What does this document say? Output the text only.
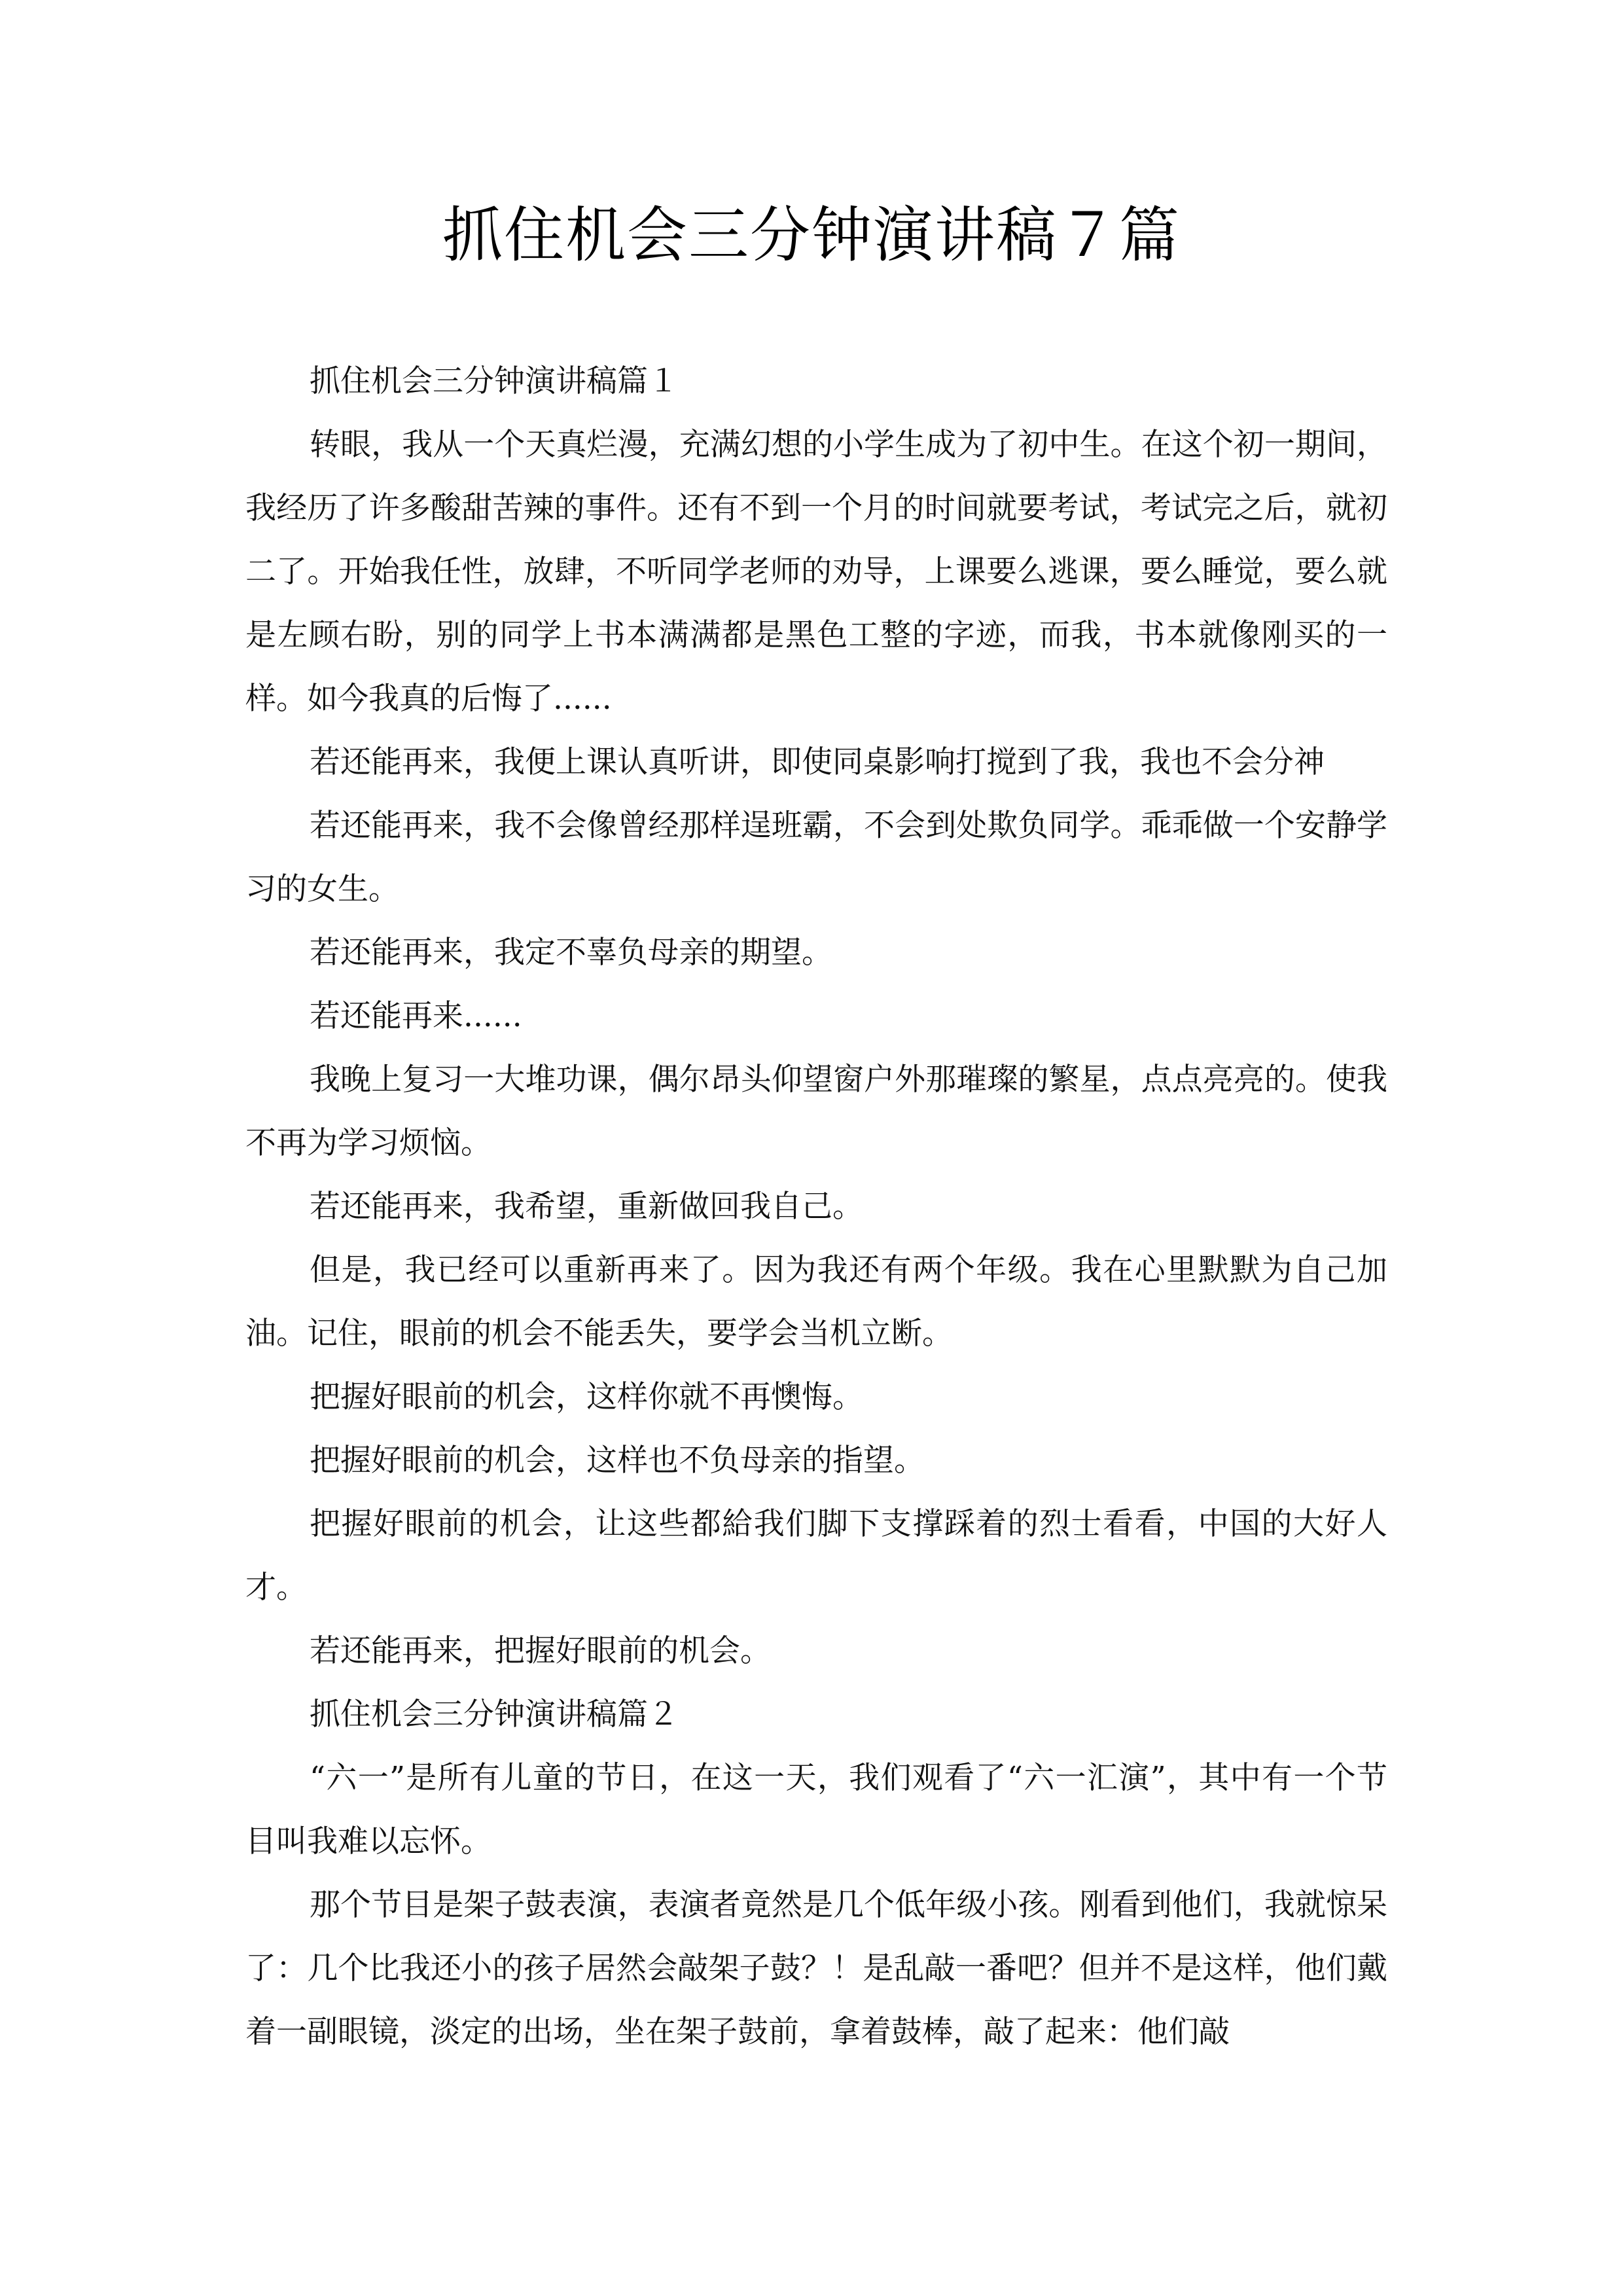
抓住机会三分钟演讲稿７篇

抓住机会三分钟演讲稿篇１

转眼，我从一个天真烂漫，充满幻想的小学生成为了初中生。在这个初一期间，我经历了许多酸甜苦辣的事件。还有不到一个月的时间就要考试，考试完之后，就初二了。开始我任性，放肆，不听同学老师的劝导，上课要么逃课，要么睡觉，要么就是左顾右盼，别的同学上书本满满都是黑色工整的字迹，而我，书本就像刚买的一样。如今我真的后悔了......

若还能再来，我便上课认真听讲，即使同桌影响打搅到了我，我也不会分神

若还能再来，我不会像曾经那样逞班霸，不会到处欺负同学。乖乖做一个安静学习的女生。

若还能再来，我定不辜负母亲的期望。

若还能再来......

我晚上复习一大堆功课，偶尔昂头仰望窗户外那璀璨的繁星，点点亮亮的。使我不再为学习烦恼。

若还能再来，我希望，重新做回我自己。

但是，我已经可以重新再来了。因为我还有两个年级。我在心里默默为自己加油。记住，眼前的机会不能丢失，要学会当机立断。

把握好眼前的机会，这样你就不再懊悔。

把握好眼前的机会，这样也不负母亲的指望。

把握好眼前的机会，让这些都給我们脚下支撑踩着的烈士看看，中国的大好人才。

若还能再来，把握好眼前的机会。

抓住机会三分钟演讲稿篇２

“六一”是所有儿童的节日，在这一天，我们观看了“六一汇演”，其中有一个节目叫我难以忘怀。

那个节目是架子鼓表演，表演者竟然是几个低年级小孩。刚看到他们，我就惊呆了：几个比我还小的孩子居然会敲架子鼓？！是乱敲一番吧？但并不是这样，他们戴着一副眼镜，淡定的出场，坐在架子鼓前，拿着鼓棒，敲了起来：他们敲
